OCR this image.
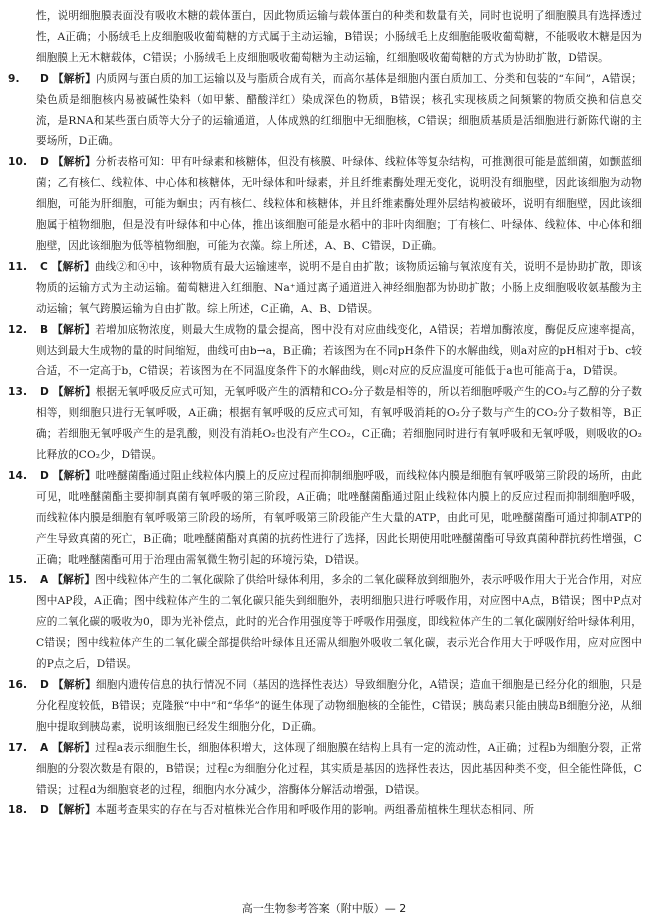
性，说明细胞膜表面没有吸收木糖的载体蛋白，因此物质运输与载体蛋白的种类和数量有关，同时也说明了细胞膜具有选择透过性，A正确；小肠绒毛上皮细胞吸收葡萄糖的方式属于主动运输，B错误；小肠绒毛上皮细胞能吸收葡萄糖，不能吸收木糖是因为细胞膜上无木糖载体，C错误；小肠绒毛上皮细胞吸收葡萄糖为主动运输，红细胞吸收葡萄糖的方式为协助扩散，D错误。

9. D 【解析】内质网与蛋白质的加工运输以及与脂质合成有关，而高尔基体是细胞内蛋白质加工、分类和包装的“车间”，A错误；染色质是细胞核内易被碱性染料（如甲紫、醋酸洋红）染成深色的物质，B错误；核孔实现核质之间频繁的物质交换和信息交流，是RNA和某些蛋白质等大分子的运输通道，人体成熟的红细胞中无细胞核，C错误；细胞质基质是活细胞进行新陈代谢的主要场所，D正确。

10. D 【解析】分析表格可知：甲有叶绿素和核糖体，但没有核膜、叶绿体、线粒体等复杂结构，可推测很可能是蓝细菌，如颤蓝细菌；乙有核仁、线粒体、中心体和核糖体，无叶绿体和叶绿素，并且纤维素酶处理无变化，说明没有细胞壁，因此该细胞为动物细胞，可能为肝细胞，可能为蛔虫；丙有核仁、线粒体和核糖体，并且纤维素酶处理外层结构被破坏，说明有细胞壁，因此该细胞属于植物细胞，但是没有叶绿体和中心体，推出该细胞可能是水稻中的非叶肉细胞；丁有核仁、叶绿体、线粒体、中心体和细胞壁，因此该细胞为低等植物细胞，可能为衣藻。综上所述，A、B、C错误，D正确。

11. C 【解析】曲线②和④中，该种物质有最大运输速率，说明不是自由扩散；该物质运输与氧浓度有关，说明不是协助扩散，即该物质的运输方式为主动运输。葡萄糖进入红细胞、Na⁺通过离子通道进入神经细胞都为协助扩散；小肠上皮细胞吸收氨基酸为主动运输；氧气跨膜运输为自由扩散。综上所述，C正确，A、B、D错误。

12. B 【解析】若增加底物浓度，则最大生成物的量会提高，图中没有对应曲线变化，A错误；若增加酶浓度，酶促反应速率提高，则达到最大生成物的量的时间缩短，曲线可由b→a，B正确；若该图为在不同pH条件下的水解曲线，则a对应的pH相对于b、c较合适，不一定高于b，C错误；若该图为在不同温度条件下的水解曲线，则c对应的反应温度可能低于a也可能高于a，D错误。

13. D 【解析】根据无氧呼吸反应式可知，无氧呼吸产生的酒精和CO₂分子数是相等的，所以若细胞呼吸产生的CO₂与乙醇的分子数相等，则细胞只进行无氧呼吸，A正确；根据有氧呼吸的反应式可知，有氧呼吸消耗的O₂分子数与产生的CO₂分子数相等，B正确；若细胞无氧呼吸产生的是乳酸，则没有消耗O₂也没有产生CO₂，C正确；若细胞同时进行有氧呼吸和无氧呼吸，则吸收的O₂比释放的CO₂少，D错误。

14. D 【解析】吡唑醚菌酯通过阻止线粒体内膜上的反应过程而抑制细胞呼吸，而线粒体内膜是细胞有氧呼吸第三阶段的场所，由此可见，吡唑醚菌酯主要抑制真菌有氧呼吸的第三阶段，A正确；吡唑醚菌酯通过阻止线粒体内膜上的反应过程而抑制细胞呼吸，而线粒体内膜是细胞有氧呼吸第三阶段的场所，有氧呼吸第三阶段能产生大量的ATP，由此可见，吡唑醚菌酯可通过抑制ATP的产生导致真菌的死亡，B正确；吡唑醚菌酯对真菌的抗药性进行了选择，因此长期使用吡唑醚菌酯可导致真菌种群抗药性增强，C正确；吡唑醚菌酯可用于治理由需氧微生物引起的环境污染，D错误。

15. A 【解析】图中线粒体产生的二氧化碳除了供给叶绿体利用，多余的二氧化碳释放到细胞外，表示呼吸作用大于光合作用，对应图中AP段，A正确；图中线粒体产生的二氧化碳只能失到细胞外，表明细胞只进行呼吸作用，对应图中A点，B错误；图中P点对应的二氧化碳的吸收为0，即为光补偿点，此时的光合作用强度等于呼吸作用强度，即线粒体产生的二氧化碳刚好给叶绿体利用，C错误；图中线粒体产生的二氧化碳全部提供给叶绿体且还需从细胞外吸收二氧化碳，表示光合作用大于呼吸作用，应对应图中的P点之后，D错误。

16. D 【解析】细胞内遗传信息的执行情况不同（基因的选择性表达）导致细胞分化，A错误；造血干细胞是已经分化的细胞，只是分化程度较低，B错误；克隆猴“中中”和“华华”的诞生体现了动物细胞核的全能性，C错误；胰岛素只能由胰岛B细胞分泌，从细胞中提取到胰岛素，说明该细胞已经发生细胞分化，D正确。

17. A 【解析】过程a表示细胞生长，细胞体积增大，这体现了细胞膜在结构上具有一定的流动性，A正确；过程b为细胞分裂，正常细胞的分裂次数是有限的，B错误；过程c为细胞分化过程，其实质是基因的选择性表达，因此基因种类不变，但全能性降低，C错误；过程d为细胞衰老的过程，细胞内水分减少，溶酶体分解活动增强，D错误。

18. D 【解析】本题考查果实的存在与否对植株光合作用和呼吸作用的影响。两组番茄植株生理状态相同、所

高一生物参考答案（附中版）— 2
